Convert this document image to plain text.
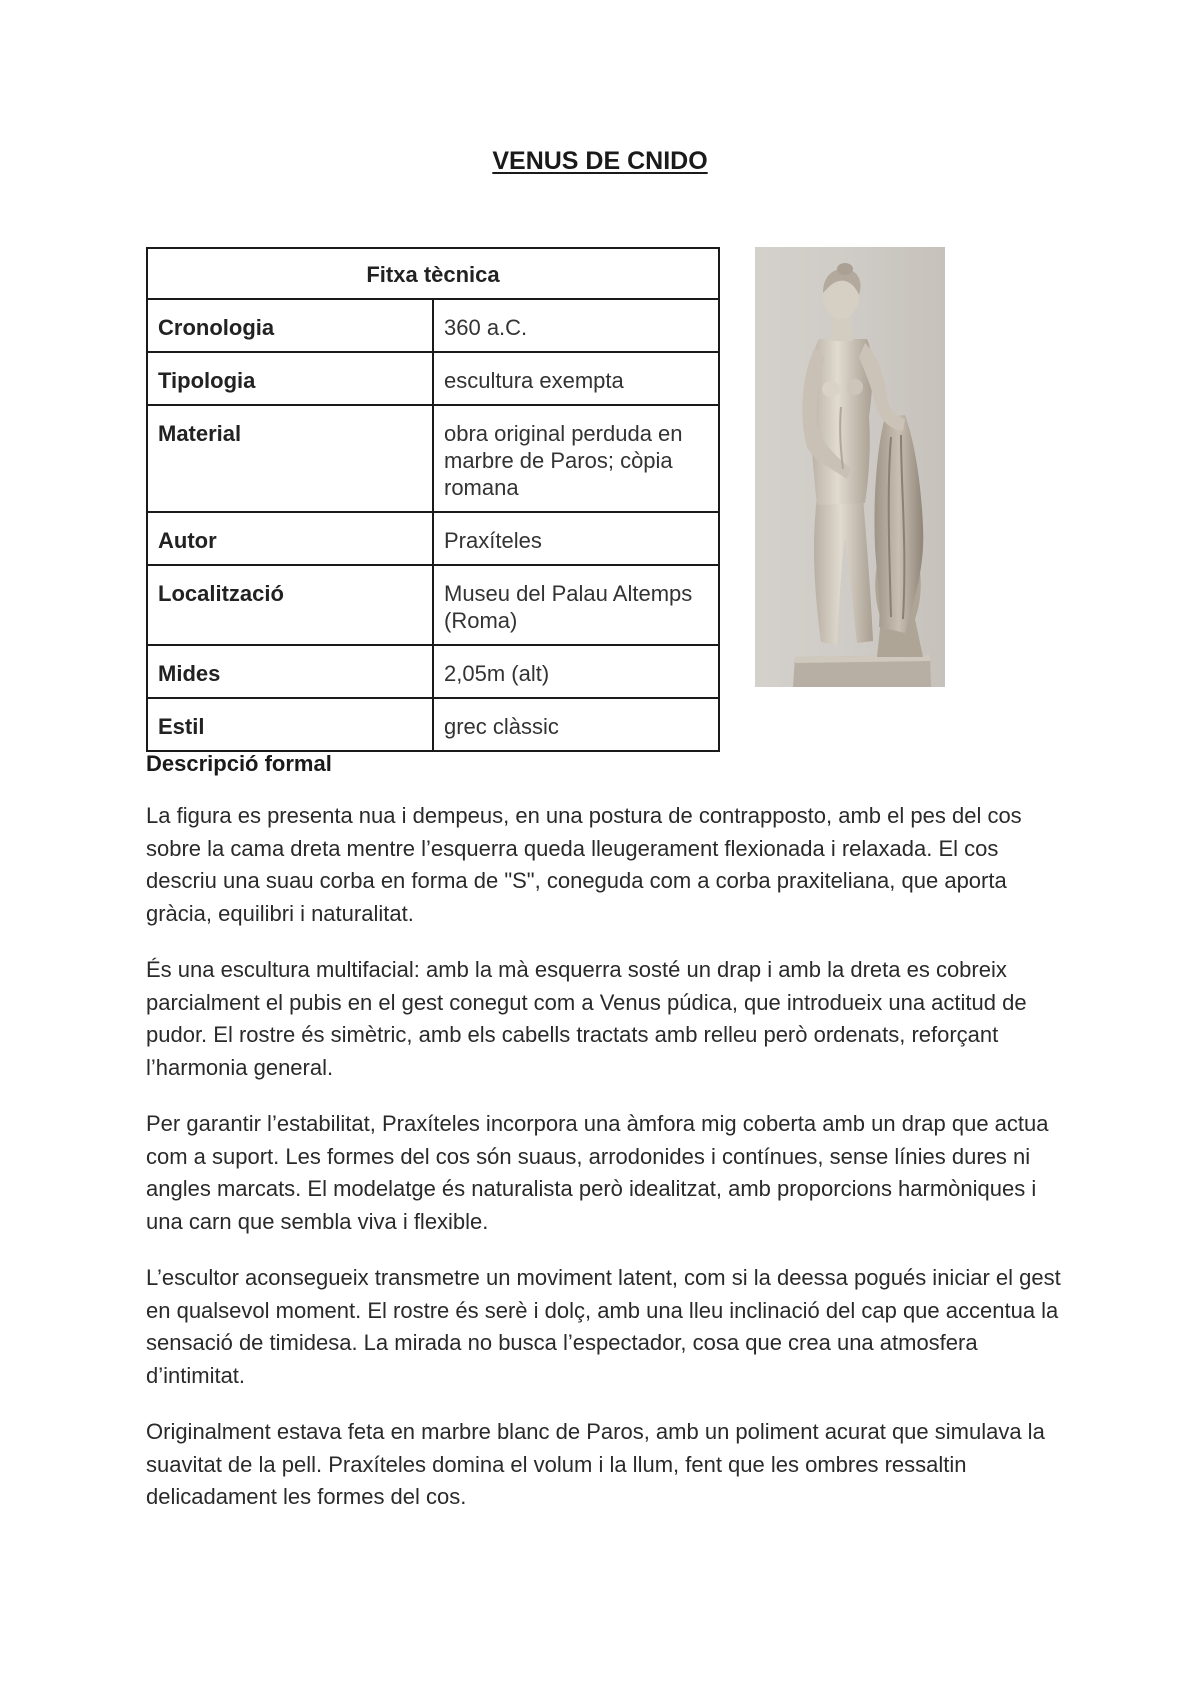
VENUS DE CNIDO
Fitxa tècnica	
Cronologia	360 a.C.
Tipologia	escultura exempta
Material	obra original perduda en marbre de Paros; còpia romana
Autor	Praxíteles
Localització	Museu del Palau Altemps (Roma)
Mides	2,05m (alt)
Estil	grec clàssic
Descripció formal

La figura es presenta nua i dempeus, en una postura de contrapposto, amb el pes del cos sobre la cama dreta mentre l’esquerra queda lleugerament flexionada i relaxada. El cos descriu una suau corba en forma de "S", coneguda com a corba praxiteliana, que aporta gràcia, equilibri i naturalitat.

És una escultura multifacial: amb la mà esquerra sosté un drap i amb la dreta es cobreix parcialment el pubis en el gest conegut com a Venus púdica, que introdueix una actitud de pudor. El rostre és simètric, amb els cabells tractats amb relleu però ordenats, reforçant l’harmonia general.

Per garantir l’estabilitat, Praxíteles incorpora una àmfora mig coberta amb un drap que actua com a suport. Les formes del cos són suaus, arrodonides i contínues, sense línies dures ni angles marcats. El modelatge és naturalista però idealitzat, amb proporcions harmòniques i una carn que sembla viva i flexible.

L’escultor aconsegueix transmetre un moviment latent, com si la deessa pogués iniciar el gest en qualsevol moment. El rostre és serè i dolç, amb una lleu inclinació del cap que accentua la sensació de timidesa. La mirada no busca l’espectador, cosa que crea una atmosfera d’intimitat.

Originalment estava feta en marbre blanc de Paros, amb un poliment acurat que simulava la suavitat de la pell. Praxíteles domina el volum i la llum, fent que les ombres ressaltin delicadament les formes del cos.
